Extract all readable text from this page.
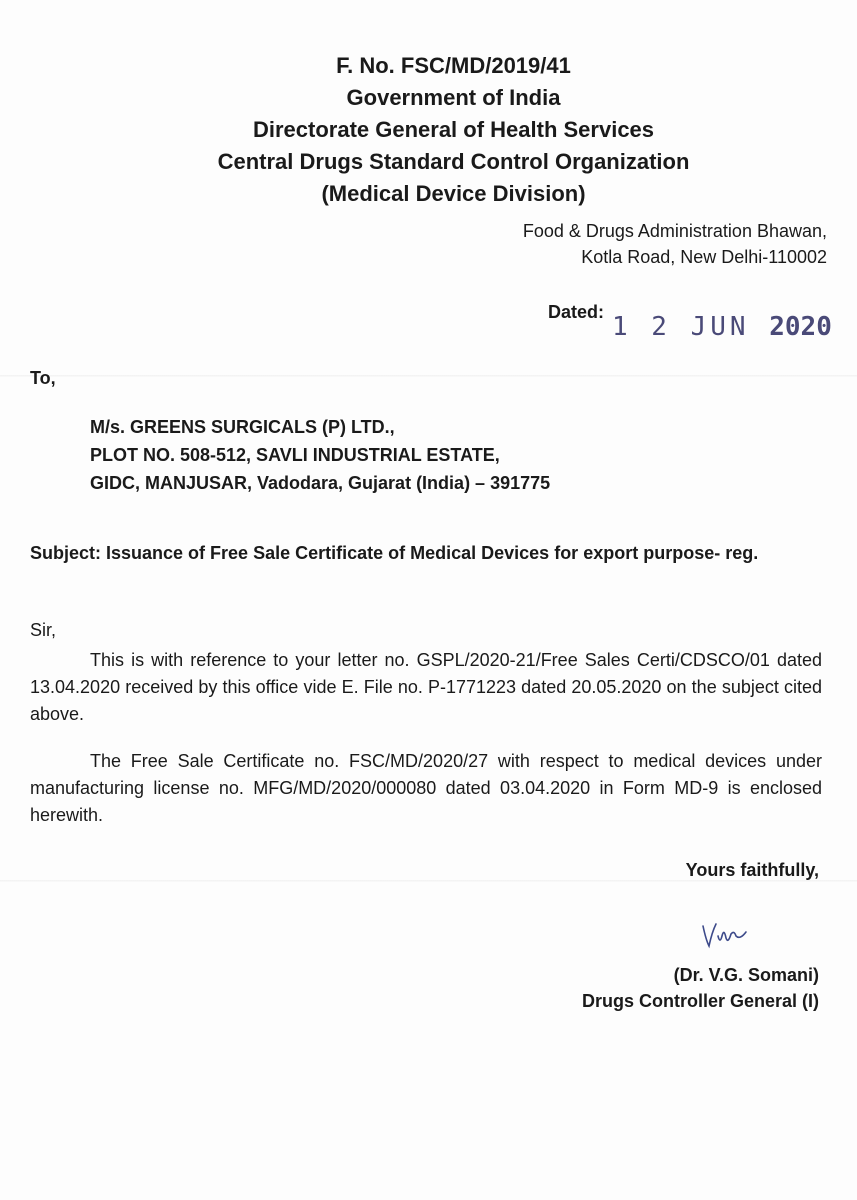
F. No. FSC/MD/2019/41
Government of India
Directorate General of Health Services
Central Drugs Standard Control Organization
(Medical Device Division)
Food & Drugs Administration Bhawan,
Kotla Road, New Delhi-110002
Dated: 1 2 JUN 2020
To,
M/s. GREENS SURGICALS (P) LTD.,
PLOT NO. 508-512, SAVLI INDUSTRIAL ESTATE,
GIDC, MANJUSAR, Vadodara, Gujarat (India) – 391775
Subject: Issuance of Free Sale Certificate of Medical Devices for export purpose- reg.
Sir,
This is with reference to your letter no. GSPL/2020-21/Free Sales Certi/CDSCO/01 dated 13.04.2020 received by this office vide E. File no. P-1771223 dated 20.05.2020 on the subject cited above.
The Free Sale Certificate no. FSC/MD/2020/27 with respect to medical devices under manufacturing license no. MFG/MD/2020/000080 dated 03.04.2020 in Form MD-9 is enclosed herewith.
Yours faithfully,
(Dr. V.G. Somani)
Drugs Controller General (I)
